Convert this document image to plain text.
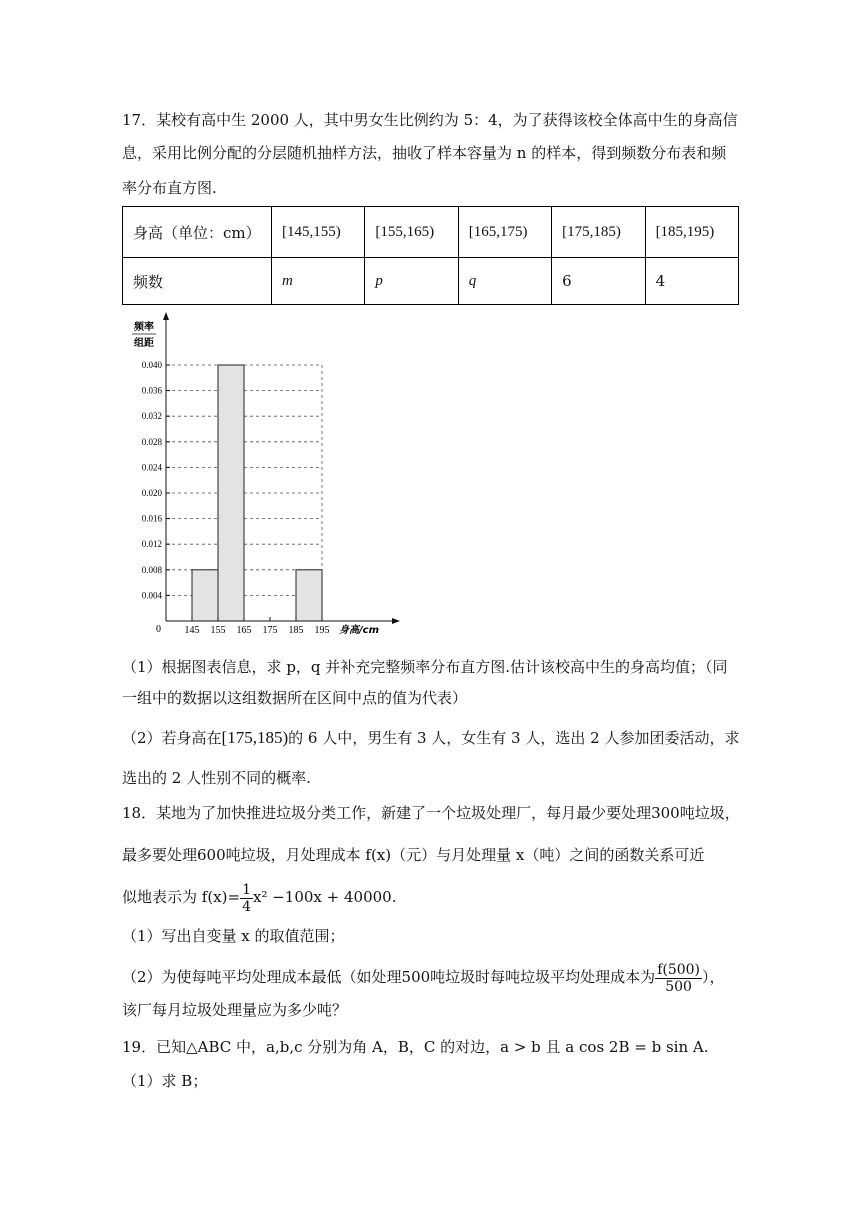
17．某校有高中生 2000 人，其中男女生比例约为 5：4，为了获得该校全体高中生的身高信
息，采用比例分配的分层随机抽样方法，抽收了样本容量为 n 的样本，得到频数分布表和频
率分布直方图.
身高（单位：cm）	[145,155)	[155,165)	[165,175)	[175,185)	[185,195)
频数	m	p	q	6	4
0.004
0.008
0.012
0.016
0.020
0.024
0.028
0.032
0.036
0.040
145 155 165 175 185 195
频率
组距
0	身高/cm
（1）根据图表信息，求 p，q 并补充完整频率分布直方图.估计该校高中生的身高均值；（同
一组中的数据以这组数据所在区间中点的值为代表）
（2）若身高在[175,185)的 6 人中，男生有 3 人，女生有 3 人，选出 2 人参加团委活动，求
选出的 2 人性别不同的概率.
18．某地为了加快推进垃圾分类工作，新建了一个垃圾处理厂，每月最少要处理300吨垃圾，
最多要处理600吨垃圾，月处理成本 f(x)（元）与月处理量 x（吨）之间的函数关系可近
似地表示为 $f(x)= \frac{1}{4} x^2 -100x + 40000$.
（1）写出自变量 x 的取值范围；
（2）为使每吨平均处理成本最低（如处理500吨垃圾时每吨垃圾平均处理成本为 $\frac{f(500)}{500}$ ），
该厂每月垃圾处理量应为多少吨？
19．已知△ABC 中，a,b,c 分别为角 A，B，C 的对边，a > b 且 a cos 2B = b sin A.
（1）求 B；
